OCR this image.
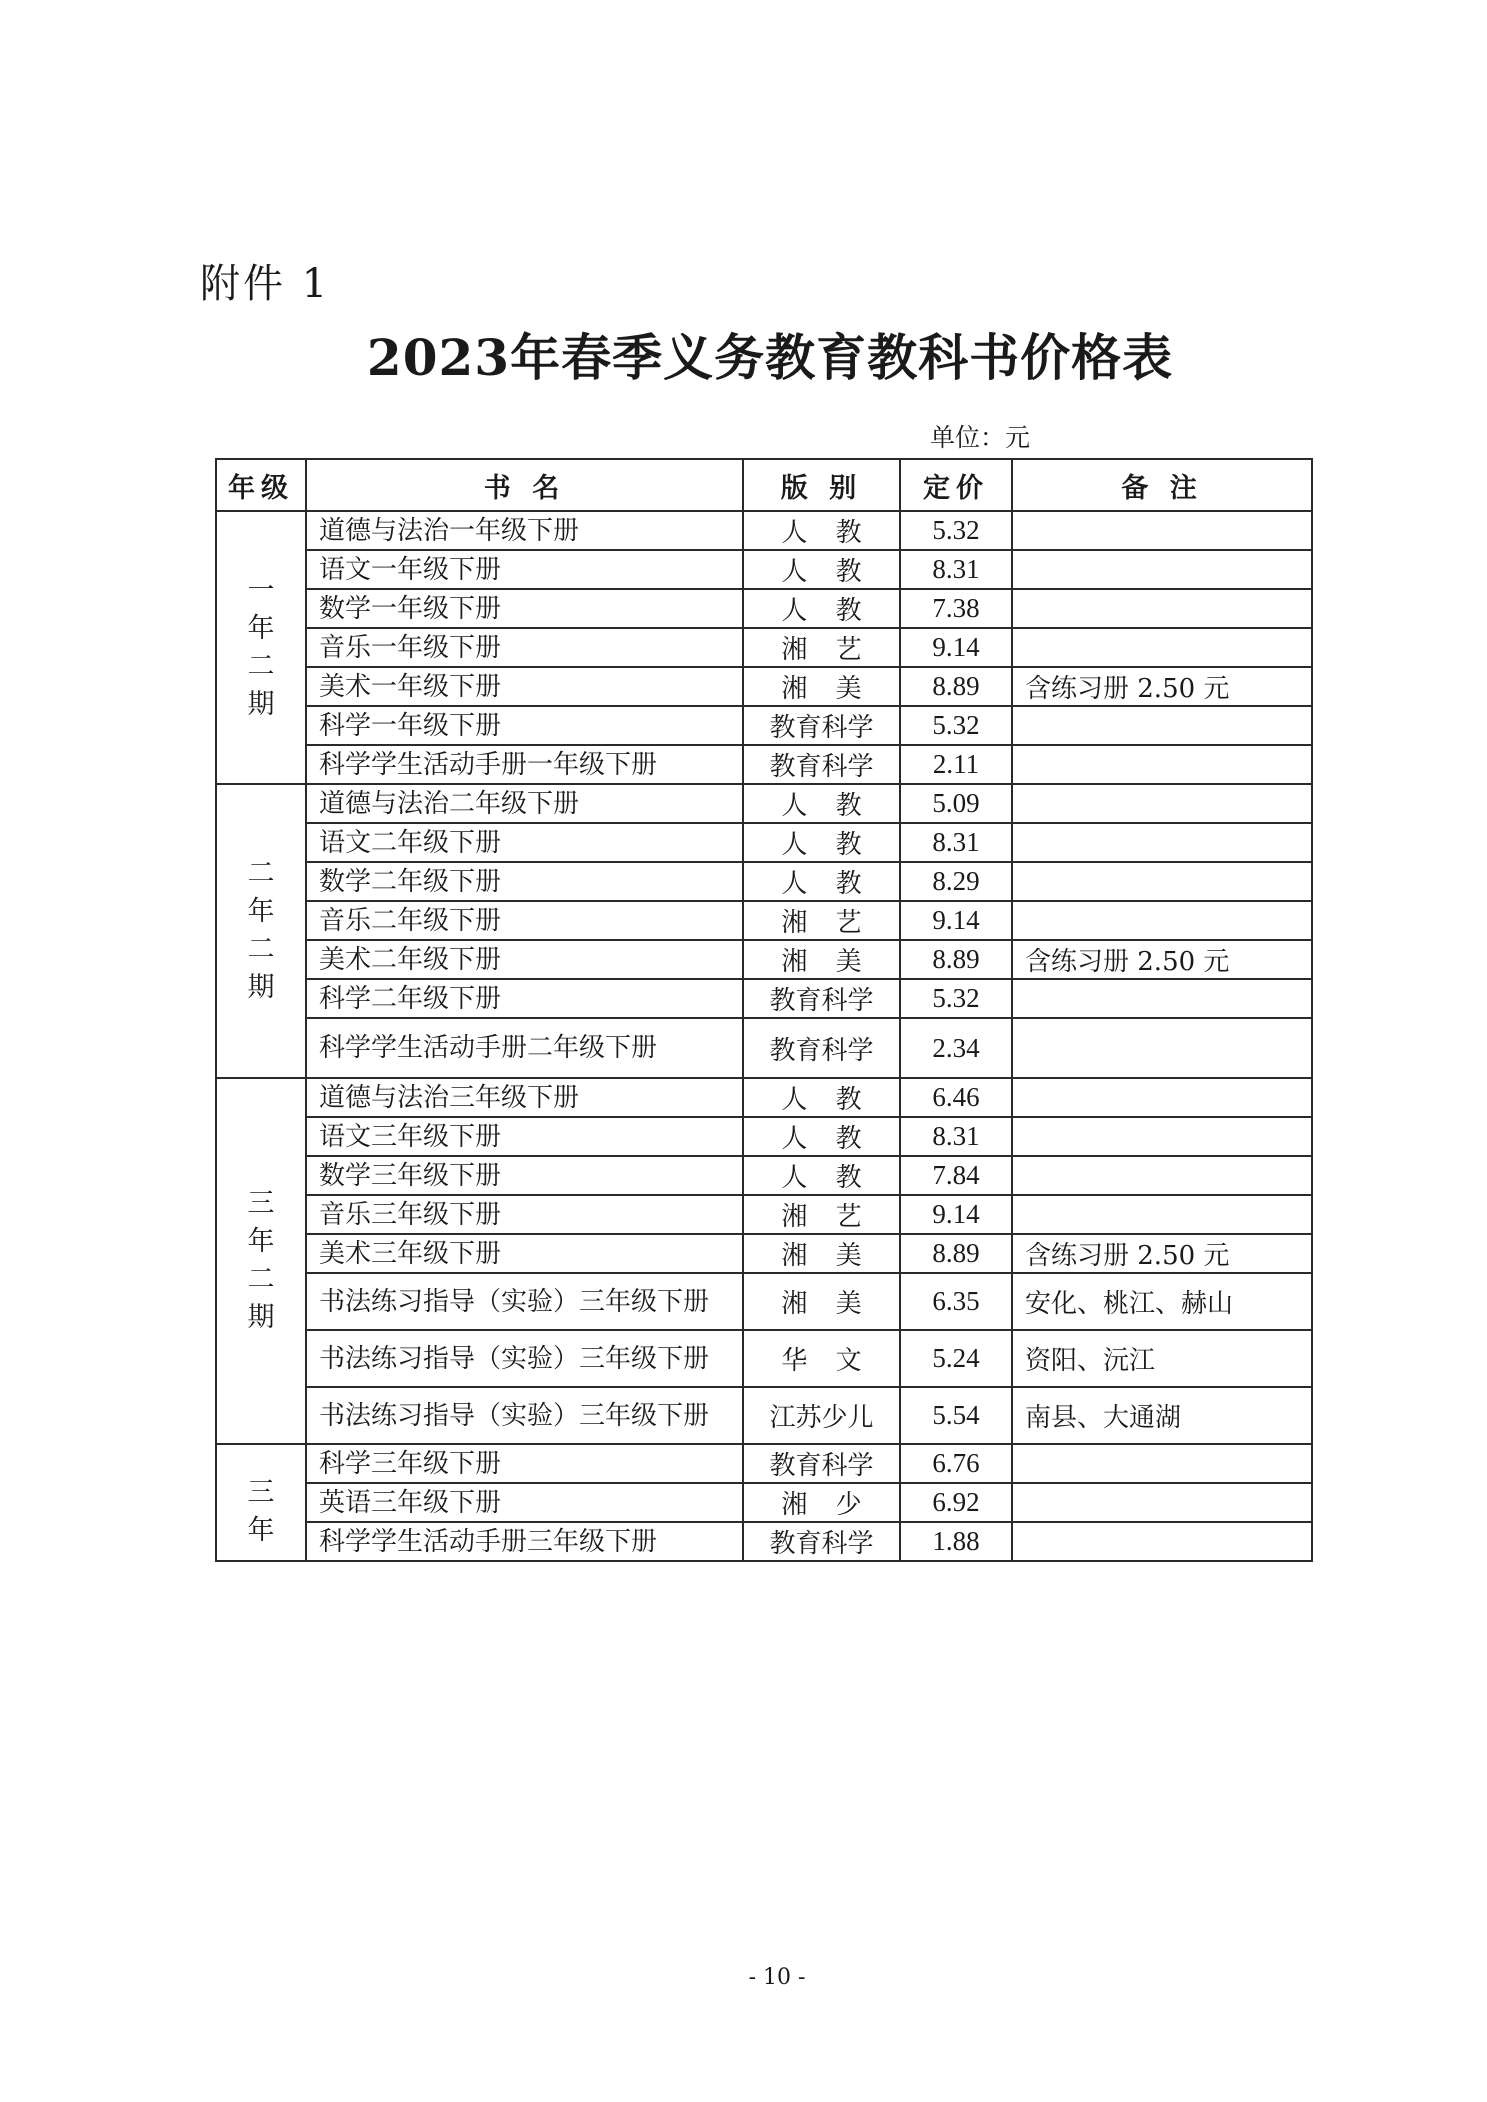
附件 1
2023年春季义务教育教科书价格表
单位：元
年级	书 名	版 别	定价	备 注
一年二期	道德与法治一年级下册	人 教	5.32	
	语文一年级下册	人 教	8.31	
	数学一年级下册	人 教	7.38	
	音乐一年级下册	湘 艺	9.14	
	美术一年级下册	湘 美	8.89	含练习册 2.50 元
	科学一年级下册	教育科学	5.32	
	科学学生活动手册一年级下册	教育科学	2.11	
二年二期	道德与法治二年级下册	人 教	5.09	
	语文二年级下册	人 教	8.31	
	数学二年级下册	人 教	8.29	
	音乐二年级下册	湘 艺	9.14	
	美术二年级下册	湘 美	8.89	含练习册 2.50 元
	科学二年级下册	教育科学	5.32	
	科学学生活动手册二年级下册	教育科学	2.34	
三年二期	道德与法治三年级下册	人 教	6.46	
	语文三年级下册	人 教	8.31	
	数学三年级下册	人 教	7.84	
	音乐三年级下册	湘 艺	9.14	
	美术三年级下册	湘 美	8.89	含练习册 2.50 元
	书法练习指导（实验）三年级下册	湘 美	6.35	安化、桃江、赫山
	书法练习指导（实验）三年级下册	华 文	5.24	资阳、沅江
	书法练习指导（实验）三年级下册	江苏少儿	5.54	南县、大通湖
三年	科学三年级下册	教育科学	6.76	
	英语三年级下册	湘 少	6.92	
	科学学生活动手册三年级下册	教育科学	1.88	
- 10 -
